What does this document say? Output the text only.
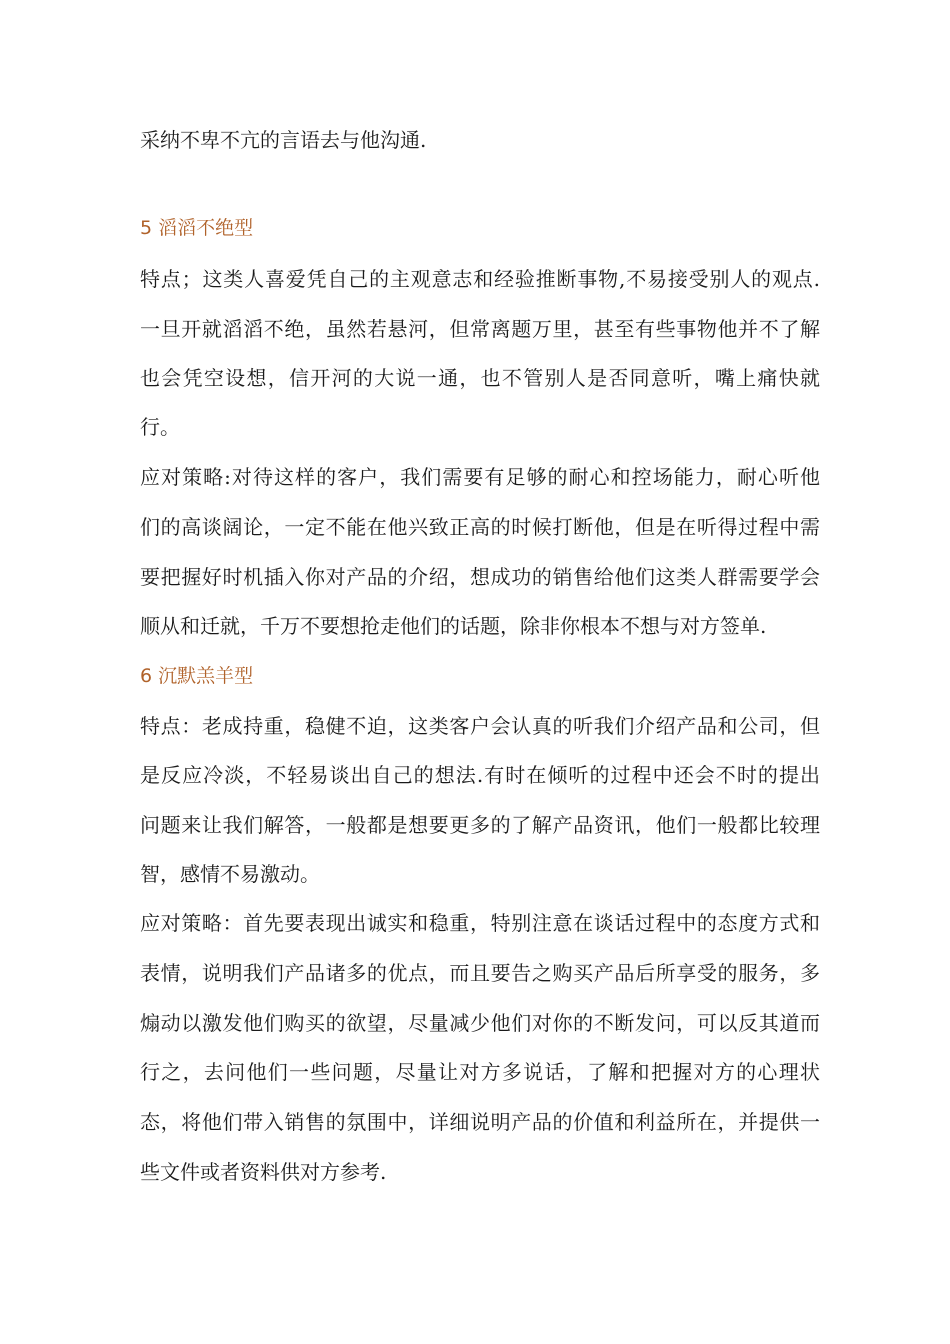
采纳不卑不亢的言语去与他沟通.
5 滔滔不绝型
特点；这类人喜爱凭自己的主观意志和经验推断事物,不易接受别人的观点.
一旦开就滔滔不绝，虽然若悬河，但常离题万里，甚至有些事物他并不了解
也会凭空设想，信开河的大说一通，也不管别人是否同意听，嘴上痛快就
行。
应对策略:对待这样的客户，我们需要有足够的耐心和控场能力，耐心听他
们的高谈阔论，一定不能在他兴致正高的时候打断他，但是在听得过程中需
要把握好时机插入你对产品的介绍，想成功的销售给他们这类人群需要学会
顺从和迁就，千万不要想抢走他们的话题，除非你根本不想与对方签单.
6 沉默羔羊型
特点：老成持重，稳健不迫，这类客户会认真的听我们介绍产品和公司，但
是反应冷淡，不轻易谈出自己的想法.有时在倾听的过程中还会不时的提出
问题来让我们解答，一般都是想要更多的了解产品资讯，他们一般都比较理
智，感情不易激动。
应对策略：首先要表现出诚实和稳重，特别注意在谈话过程中的态度方式和
表情，说明我们产品诸多的优点，而且要告之购买产品后所享受的服务，多
煽动以激发他们购买的欲望，尽量减少他们对你的不断发问，可以反其道而
行之，去问他们一些问题，尽量让对方多说话，了解和把握对方的心理状
态，将他们带入销售的氛围中，详细说明产品的价值和利益所在，并提供一
些文件或者资料供对方参考.
